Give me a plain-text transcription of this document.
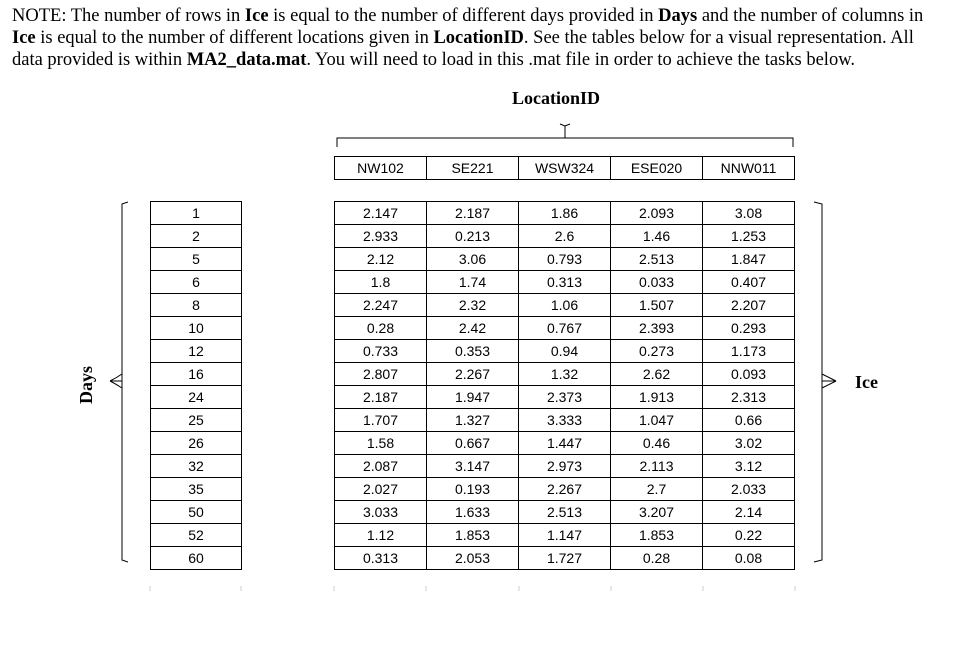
NOTE: The number of rows in Ice is equal to the number of different days provided in Days and the number of columns in
Ice is equal to the number of different locations given in LocationID. See the tables below for a visual representation. All
data provided is within MA2_data.mat. You will need to load in this .mat file in order to achieve the tasks below.
LocationID
Ice
Days
NW102	SE221	WSW324	ESE020	NNW011
1
2
5
6
8
10
12
16
24
25
26
32
35
50
52
60
2.147	2.187	1.86	2.093	3.08
2.933	0.213	2.6	1.46	1.253
2.12	3.06	0.793	2.513	1.847
1.8	1.74	0.313	0.033	0.407
2.247	2.32	1.06	1.507	2.207
0.28	2.42	0.767	2.393	0.293
0.733	0.353	0.94	0.273	1.173
2.807	2.267	1.32	2.62	0.093
2.187	1.947	2.373	1.913	2.313
1.707	1.327	3.333	1.047	0.66
1.58	0.667	1.447	0.46	3.02
2.087	3.147	2.973	2.113	3.12
2.027	0.193	2.267	2.7	2.033
3.033	1.633	2.513	3.207	2.14
1.12	1.853	1.147	1.853	0.22
0.313	2.053	1.727	0.28	0.08
